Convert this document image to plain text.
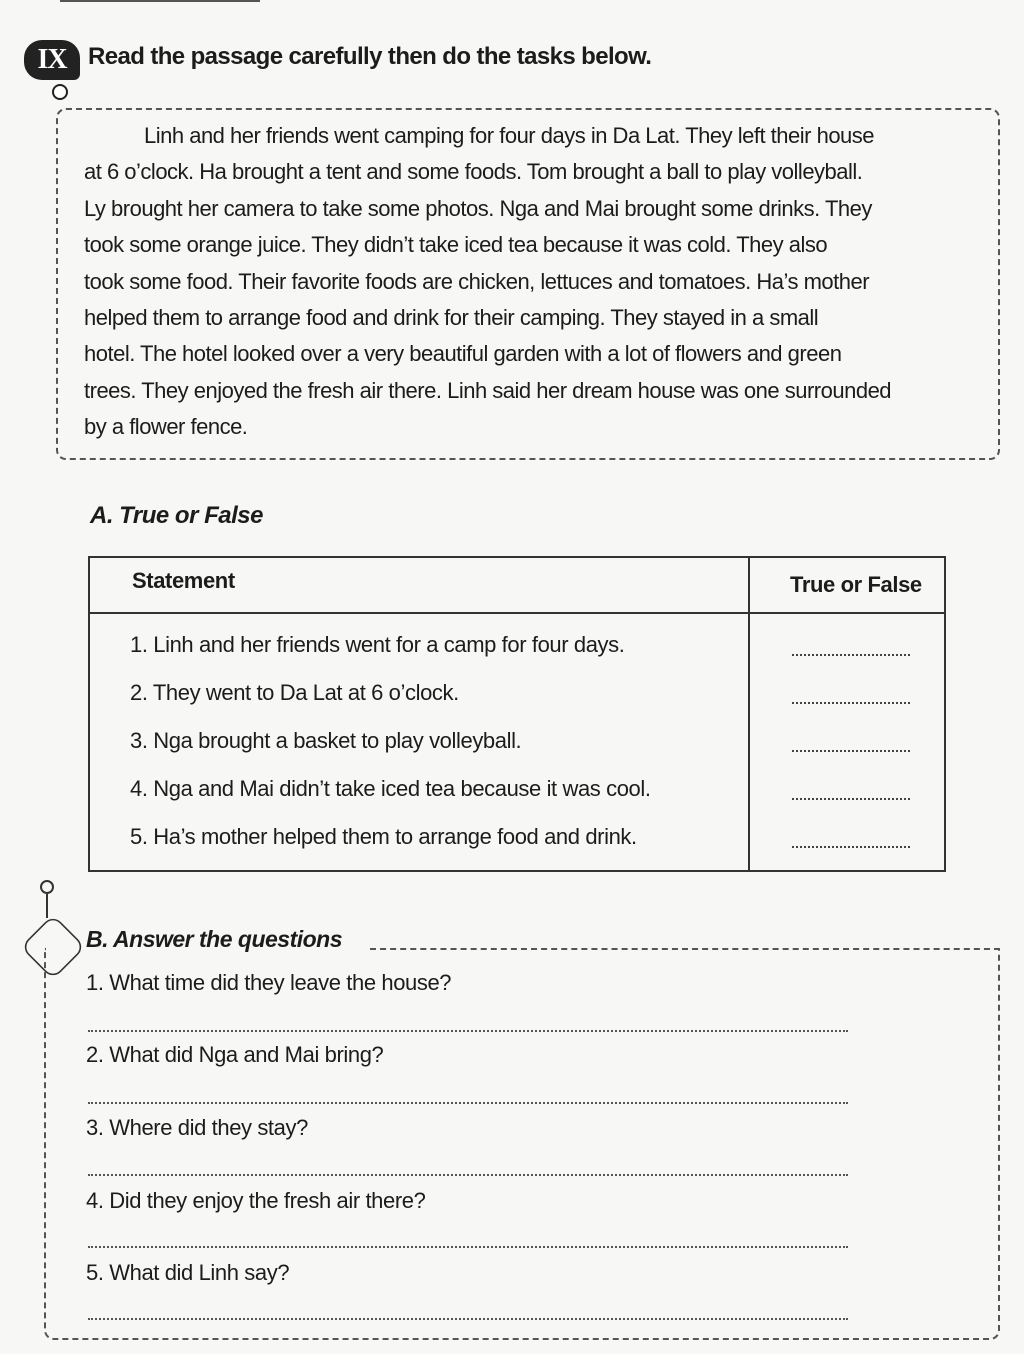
IX Read the passage carefully then do the tasks below.
Linh and her friends went camping for four days in Da Lat. They left their house
at 6 o’clock. Ha brought a tent and some foods. Tom brought a ball to play volleyball.
Ly brought her camera to take some photos. Nga and Mai brought some drinks. They
took some orange juice. They didn’t take iced tea because it was cold. They also
took some food. Their favorite foods are chicken, lettuces and tomatoes. Ha’s mother
helped them to arrange food and drink for their camping. They stayed in a small
hotel. The hotel looked over a very beautiful garden with a lot of flowers and green
trees. They enjoyed the fresh air there. Linh said her dream house was one surrounded
by a flower fence.
A. True or False
Statement	True or False
1. Linh and her friends went for a camp for four days.
2. They went to Da Lat at 6 o’clock.
3. Nga brought a basket to play volleyball.
4. Nga and Mai didn’t take iced tea because it was cool.
5. Ha’s mother helped them to arrange food and drink.
B. Answer the questions
1. What time did they leave the house?
2. What did Nga and Mai bring?
3. Where did they stay?
4. Did they enjoy the fresh air there?
5. What did Linh say?
